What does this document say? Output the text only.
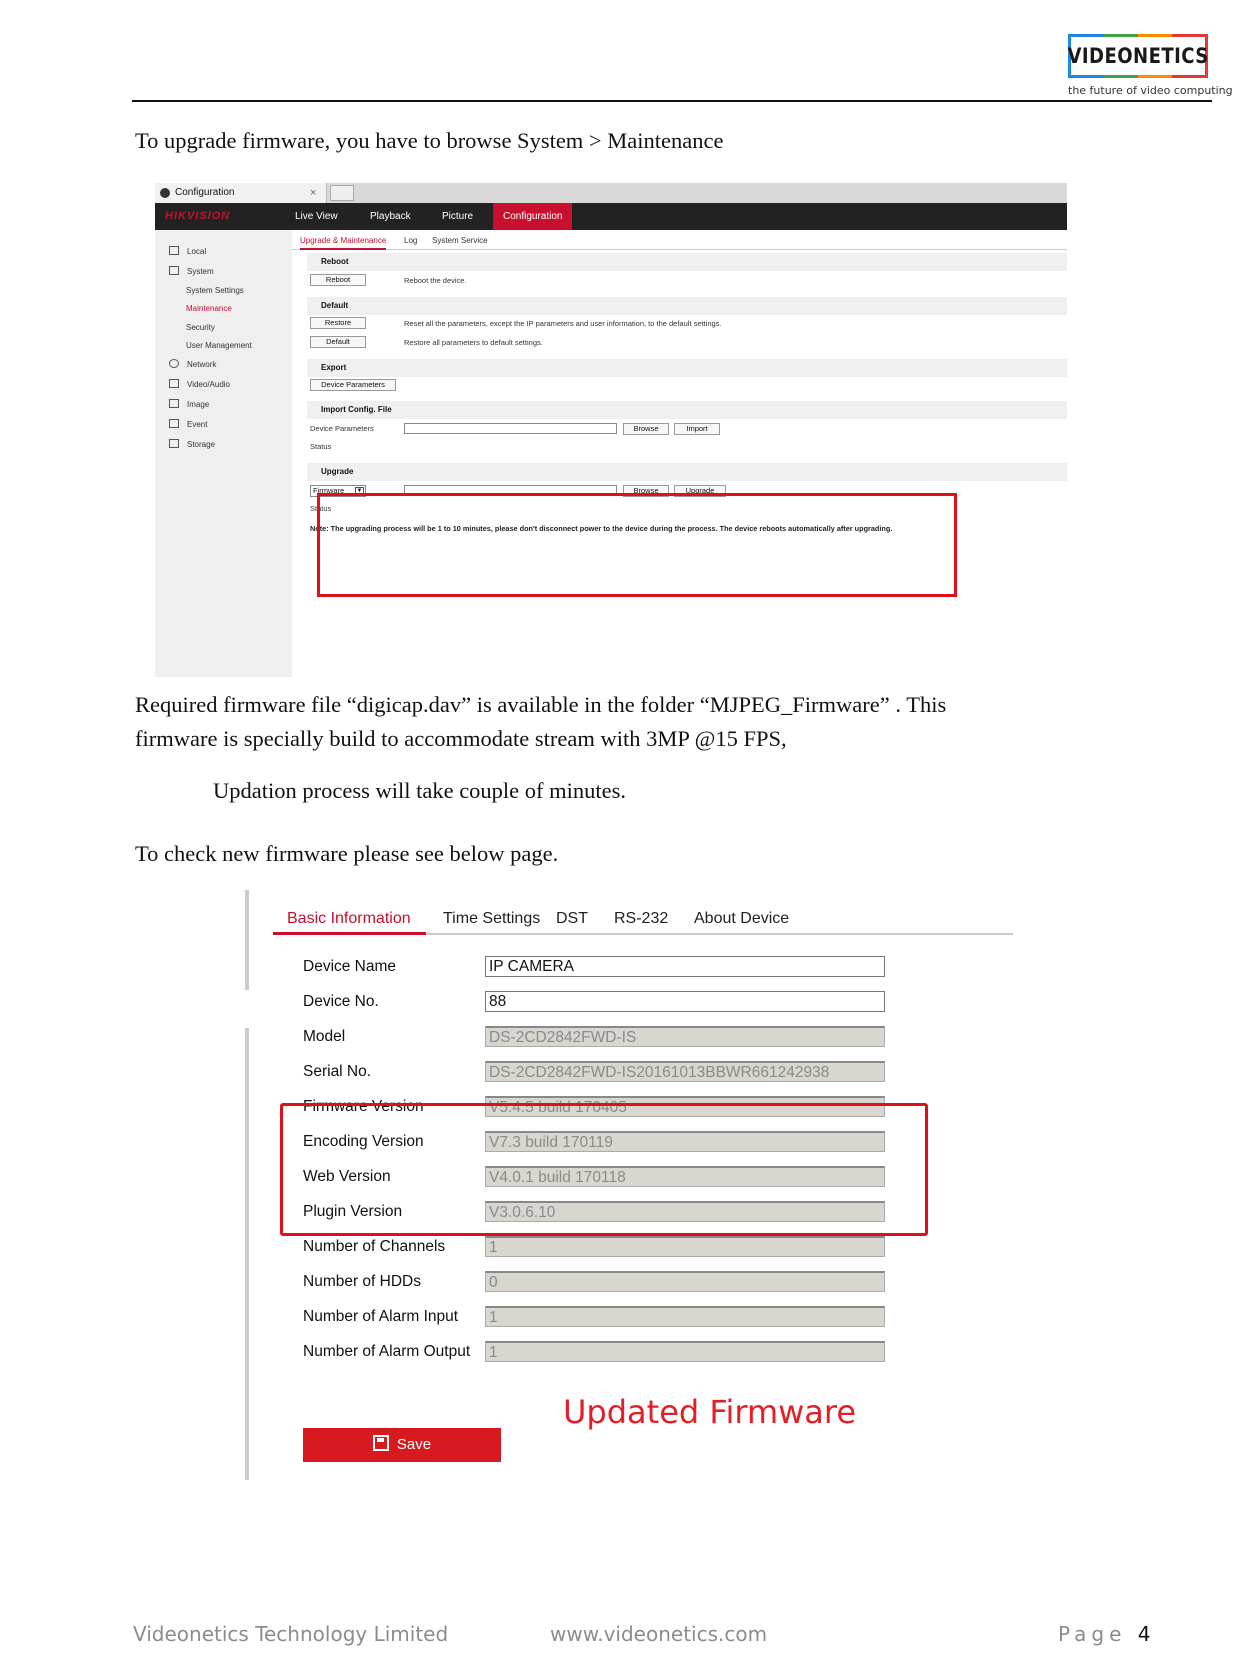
VIDEONETICS
the future of video computing
To upgrade firmware, you have to browse System > Maintenance
Configuration	×
HIKVISION	Live View	Playback	Picture	Configuration
Local
System
System Settings
Maintenance
Security
User Management
Network
Video/Audio
Image
Event
Storage
Upgrade & Maintenance Log System Service
Reboot
Reboot	Reboot the device.
Default
Restore	Reset all the parameters, except the IP parameters and user information, to the default settings.
Default	Restore all parameters to default settings.
Export
Device Parameters
Import Config. File
Device Parameters	Browse	Import
Status
Upgrade
Firmware ▼	Browse	Upgrade
Status
Note: The upgrading process will be 1 to 10 minutes, please don't disconnect power to the device during the process. The device reboots automatically after upgrading.
Required firmware file “digicap.dav” is available in the folder “MJPEG_Firmware” . This
firmware is specially build to accommodate stream with 3MP @15 FPS,
Updation process will take couple of minutes.
To check new firmware please see below page.
Basic Information Time Settings DST RS-232 About Device
Device Name	IP CAMERA
Device No.	88
Model	DS-2CD2842FWD-IS
Serial No.	DS-2CD2842FWD-IS20161013BBWR661242938
Firmware Version	V5.4.5 build 170405
Encoding Version	V7.3 build 170119
Web Version	V4.0.1 build 170118
Plugin Version	V3.0.6.10
Number of Channels	1
Number of HDDs	0
Number of Alarm Input 1
Number of Alarm Output 1
Save
Updated Firmware
Videonetics Technology Limited	www.videonetics.com	Page 4
